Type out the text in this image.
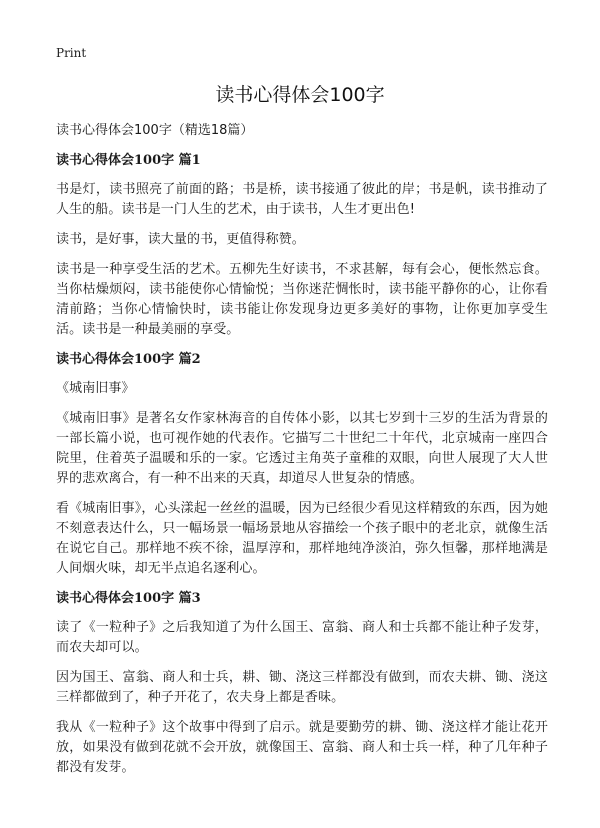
Print
读书心得体会100字

读书心得体会100字（精选18篇）

读书心得体会100字 篇1

书是灯，读书照亮了前面的路；书是桥，读书接通了彼此的岸；书是帆，读书推动了人生的船。读书是一门人生的艺术，由于读书，人生才更出色!

读书，是好事，读大量的书，更值得称赞。

读书是一种享受生活的艺术。五柳先生好读书，不求甚解，每有会心，便怅然忘食。当你枯燥烦闷，读书能使你心情愉悦；当你迷茫惆怅时，读书能平静你的心，让你看清前路；当你心情愉快时，读书能让你发现身边更多美好的事物，让你更加享受生活。读书是一种最美丽的享受。

读书心得体会100字 篇2

《城南旧事》

《城南旧事》是著名女作家林海音的自传体小影，以其七岁到十三岁的生活为背景的一部长篇小说，也可视作她的代表作。它描写二十世纪二十年代，北京城南一座四合院里，住着英子温暖和乐的一家。它透过主角英子童稚的双眼，向世人展现了大人世界的悲欢离合，有一种不出来的天真，却道尽人世复杂的情感。

看《城南旧事》，心头漾起一丝丝的温暖，因为已经很少看见这样精致的东西，因为她不刻意表达什么，只一幅场景一幅场景地从容描绘一个孩子眼中的老北京，就像生活在说它自己。那样地不疾不徐，温厚淳和，那样地纯净淡泊，弥久恒馨，那样地满是人间烟火味，却无半点追名逐利心。

读书心得体会100字 篇3

读了《一粒种子》之后我知道了为什么国王、富翁、商人和士兵都不能让种子发芽，而农夫却可以。

因为国王、富翁、商人和士兵，耕、锄、浇这三样都没有做到，而农夫耕、锄、浇这三样都做到了，种子开花了，农夫身上都是香味。

我从《一粒种子》这个故事中得到了启示。就是要勤劳的耕、锄、浇这样才能让花开放，如果没有做到花就不会开放，就像国王、富翁、商人和士兵一样，种了几年种子都没有发芽。
